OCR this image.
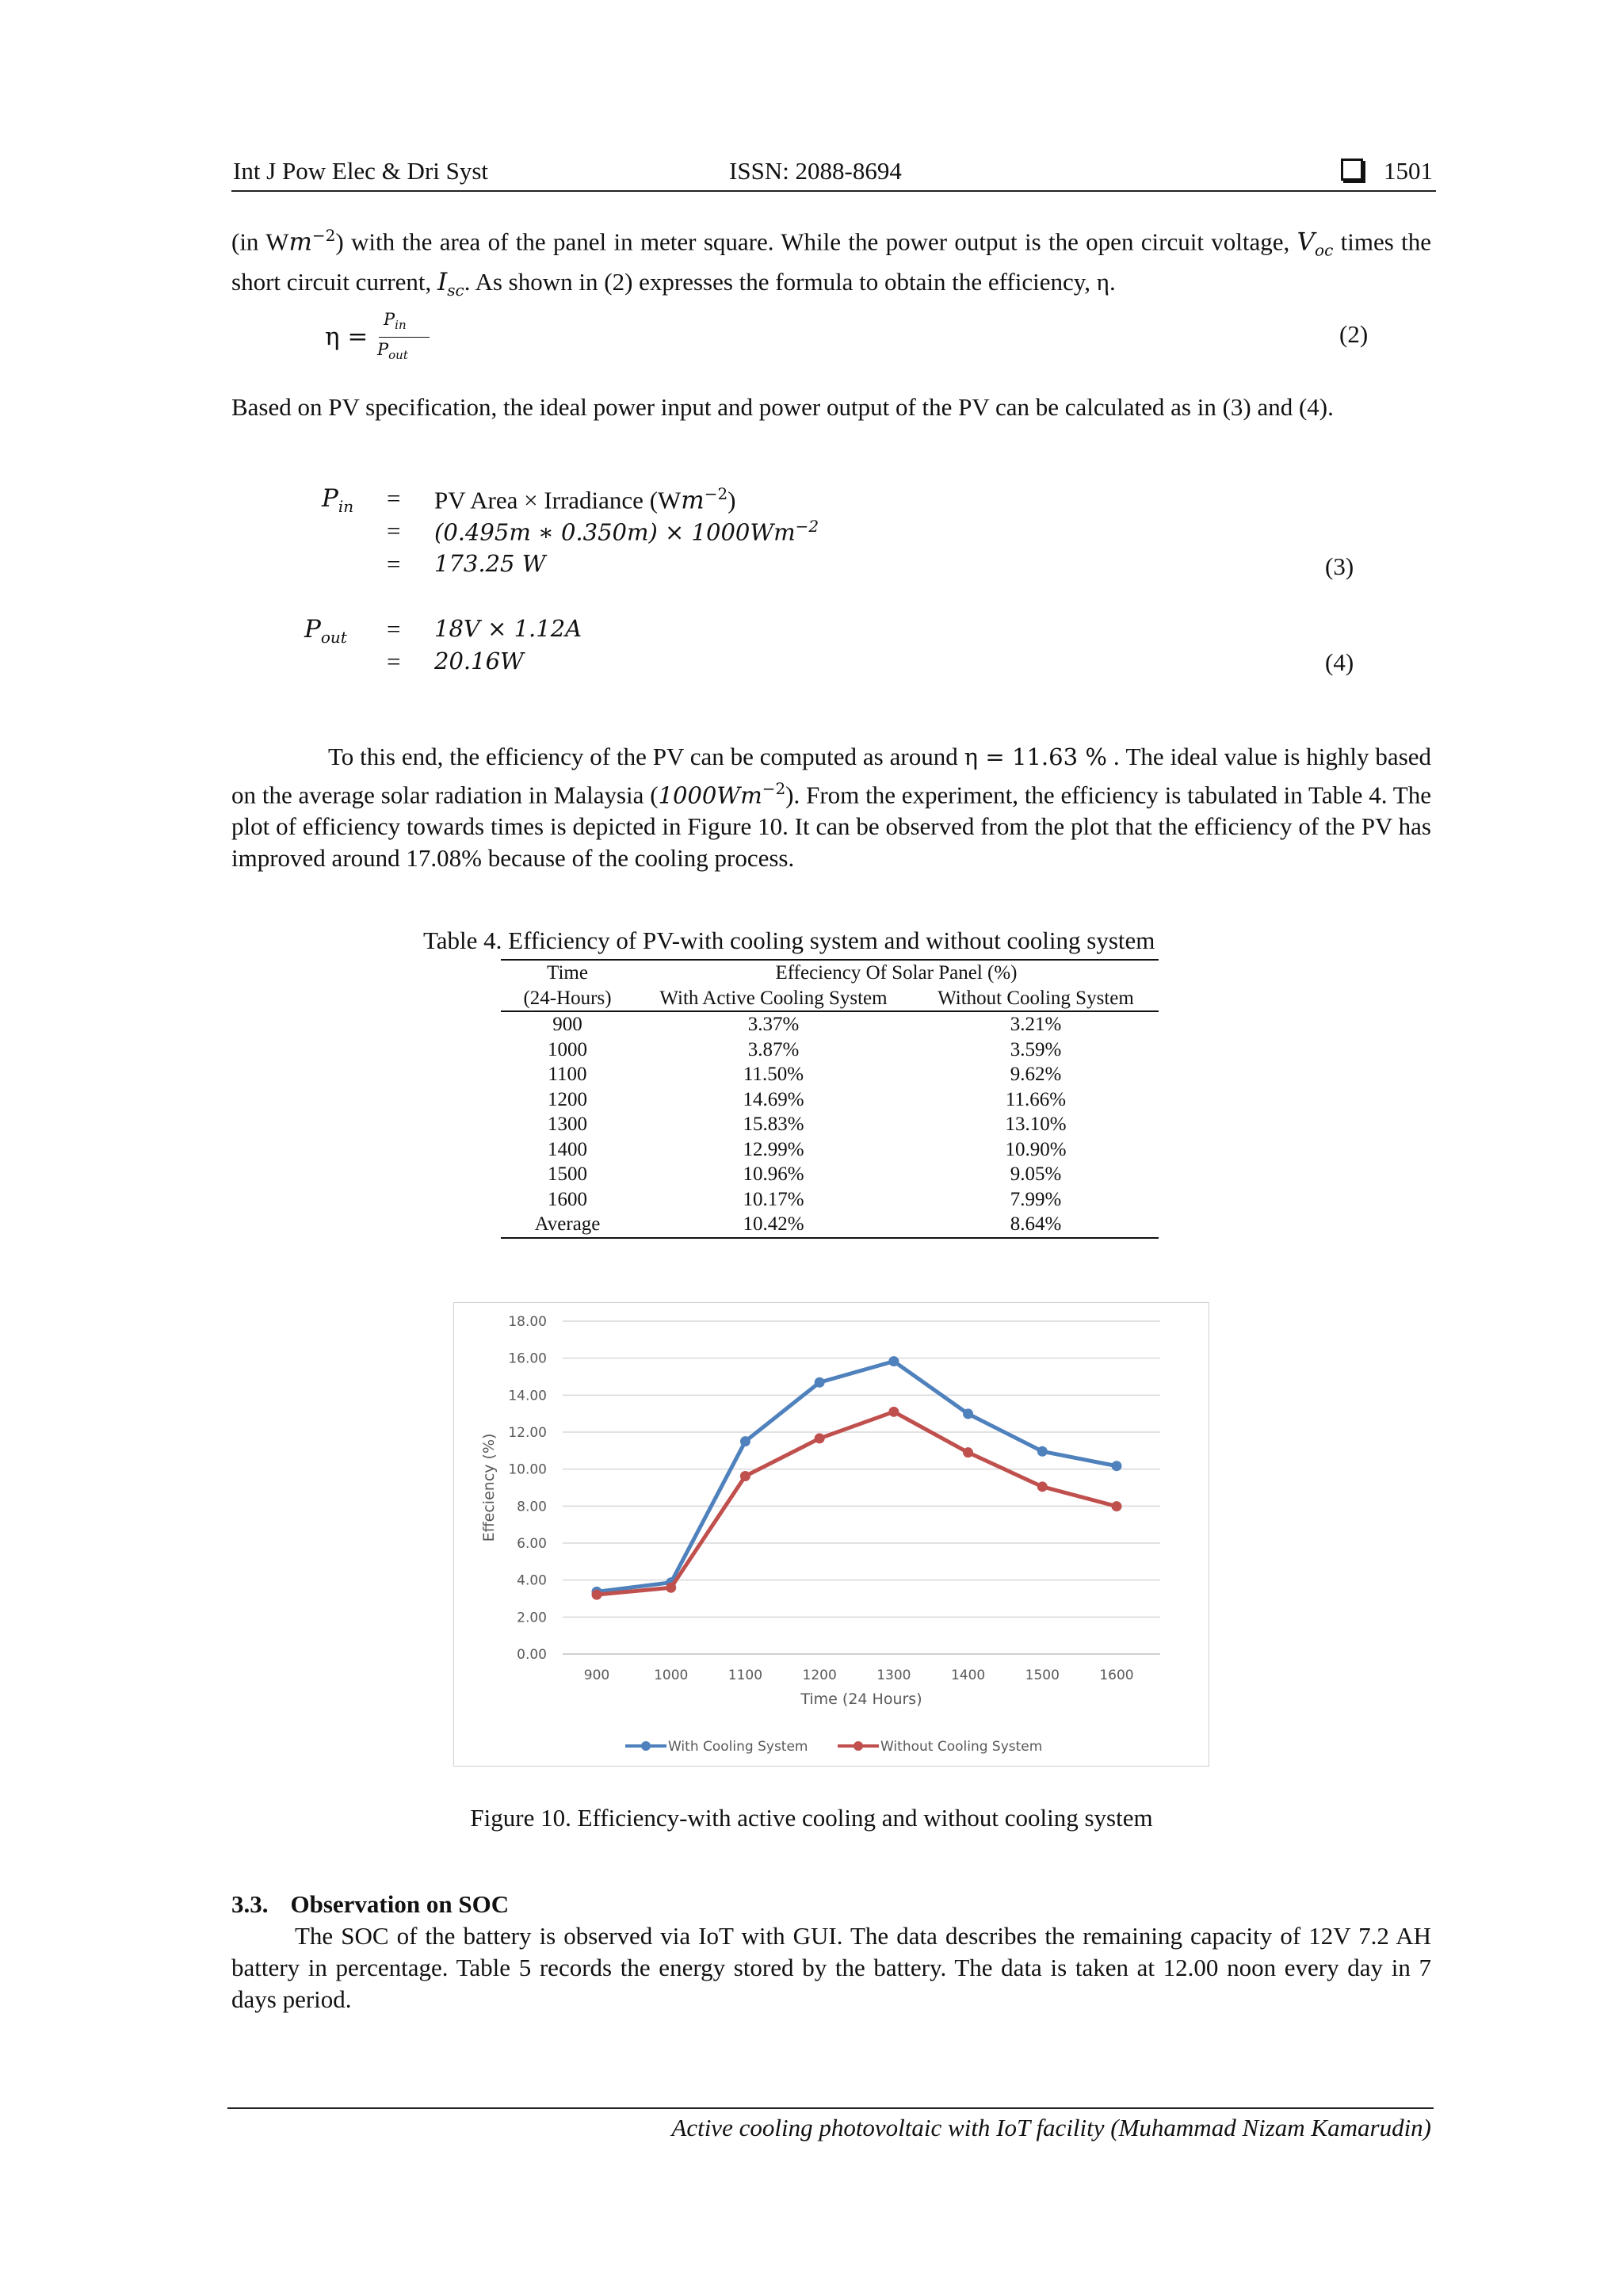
Int J Pow Elec & Dri Syst	ISSN: 2088-8694	1501

(in $Wm^{-2}$) with the area of the panel in meter square. While the power output is the open circuit voltage, $V_{oc}$ times the short circuit current, $I_{sc}$. As shown in (2) expresses the formula to obtain the efficiency, η.

η =
$P_{in}$
$P_{out}$
(2)

Based on PV specification, the ideal power input and power output of the PV can be calculated as in (3) and (4).

$P_{in}$ = PV Area × Irradiance $(Wm^{-2})$
= (0.495m ∗ $0.350m) \times 1000Wm^{-2}$
= 173.25 W	(3)
$P_{out} = 18V \times 1.12A$
= 20.16W	(4)

To this end, the efficiency of the PV can be computed as around η = 11.63 % . The ideal value is highly based on the average solar radiation in Malaysia $(1000Wm^{-2})$. From the experiment, the efficiency is tabulated in Table 4. The plot of efficiency towards times is depicted in Figure 10. It can be observed from the plot that the efficiency of the PV has improved around 17.08% because of the cooling process.

Table 4. Efficiency of PV-with cooling system and without cooling system
Time	Effeciency Of Solar Panel (%)	
(24-Hours)	With Active Cooling System	Without Cooling System
900	3.37%	3.21%
1000	3.87%	3.59%
1100	11.50%	9.62%
1200	14.69%	11.66%
1300	15.83%	13.10%
1400	12.99%	10.90%
1500	10.96%	9.05%
1600	10.17%	7.99%
Average	10.42%	8.64%
0.00
2.00
4.00
6.00
8.00
10.00
12.00
14.00
16.00
18.00
900	1000	1100	1200	1300	1400	1500	1600
Time (24 Hours)
Effeciency (%)
With Cooling System	Without Cooling System
Figure 10. Efficiency-with active cooling and without cooling system
3.3. Observation on SOC

The SOC of the battery is observed via IoT with GUI. The data describes the remaining capacity of 12V 7.2 AH battery in percentage. Table 5 records the energy stored by the battery. The data is taken at 12.00 noon every day in 7 days period.

Active cooling photovoltaic with IoT facility (Muhammad Nizam Kamarudin)
